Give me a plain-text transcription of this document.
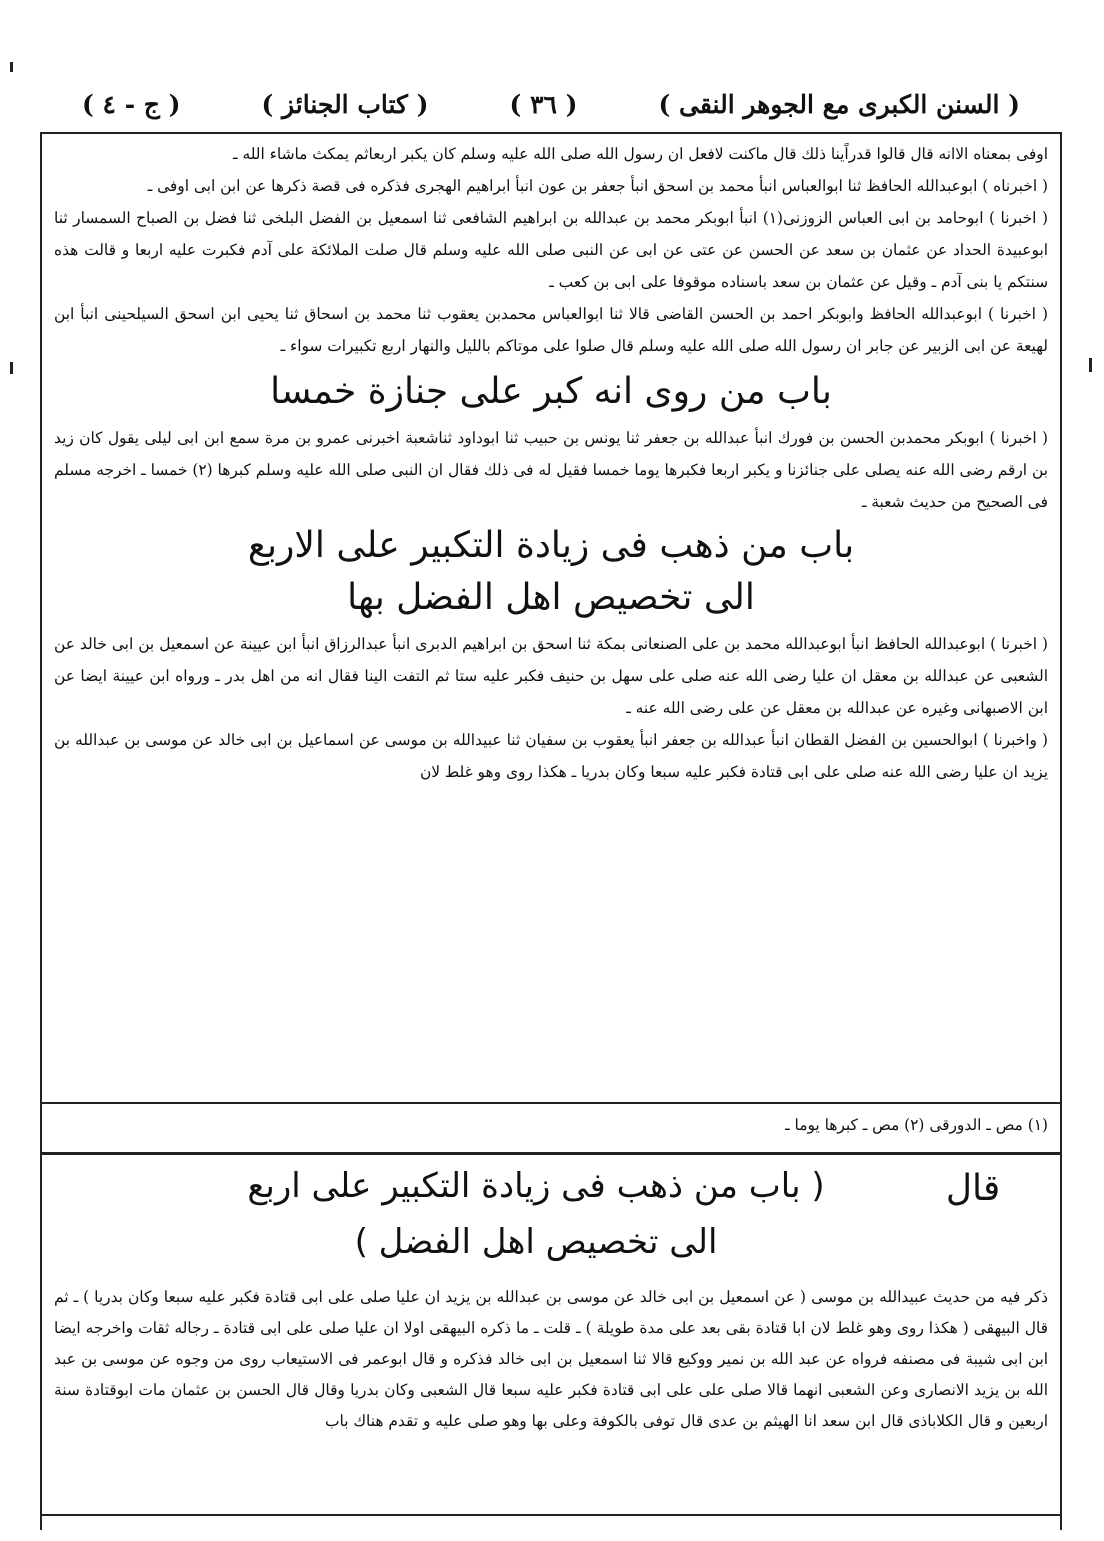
( السنن الكبرى مع الجوهر النقى )
( ٣٦ )
( كتاب الجنائز )
( ج - ٤ )

اوفى بمعناه الاانه قال قالوا قدراًينا ذلك قال ماكنت لافعل ان رسول الله صلى الله عليه وسلم كان يكبر اربعاثم يمكث ماشاء الله ـ

( اخبرناه ) ابوعبدالله الحافظ ثنا ابوالعباس انبأ محمد بن اسحق انبأ جعفر بن عون انبأ ابراهيم الهجرى فذكره فى قصة ذكرها عن ابن ابى اوفى ـ

( اخبرنا ) ابوحامد بن ابى العباس الزوزنى(١) انبأ ابوبكر محمد بن عبدالله بن ابراهيم الشافعى ثنا اسمعيل بن الفضل البلخى ثنا فضل بن الصباح السمسار ثنا ابوعبيدة الحداد عن عثمان بن سعد عن الحسن عن عتى عن ابى عن النبى صلى الله عليه وسلم قال صلت الملائكة على آدم فكبرت عليه اربعا و قالت هذه سنتكم يا بنى آدم ـ وقيل عن عثمان بن سعد باسناده موقوفا على ابى بن كعب ـ

( اخبرنا ) ابوعبدالله الحافظ وابوبكر احمد بن الحسن القاضى قالا ثنا ابوالعباس محمدبن يعقوب ثنا محمد بن اسحاق ثنا يحيى ابن اسحق السيلحينى انبأ ابن لهيعة عن ابى الزبير عن جابر ان رسول الله صلى الله عليه وسلم قال صلوا على موتاكم بالليل والنهار اربع تكبيرات سواء ـ

باب من روى انه كبر على جنازة خمسا

( اخبرنا ) ابوبكر محمدبن الحسن بن فورك انبأ عبدالله بن جعفر ثنا يونس بن حبيب ثنا ابوداود ثناشعبة اخبرنى عمرو بن مرة سمع ابن ابى ليلى يقول كان زيد بن ارقم رضى الله عنه يصلى على جنائزنا و يكبر اربعا فكبرها يوما خمسا فقيل له فى ذلك فقال ان النبى صلى الله عليه وسلم كبرها (٢) خمسا ـ اخرجه مسلم فى الصحيح من حديث شعبة ـ

باب من ذهب فى زيادة التكبير على الاربع
الى تخصيص اهل الفضل بها

( اخبرنا ) ابوعبدالله الحافظ انبأ ابوعبدالله محمد بن على الصنعانى بمكة ثنا اسحق بن ابراهيم الدبرى انبأ عبدالرزاق انبأ ابن عيينة عن اسمعيل بن ابى خالد عن الشعبى عن عبدالله بن معقل ان عليا رضى الله عنه صلى على سهل بن حنيف فكبر عليه ستا ثم التفت الينا فقال انه من اهل بدر ـ ورواه ابن عيينة ايضا عن ابن الاصبهانى وغيره عن عبدالله بن معقل عن على رضى الله عنه ـ

( واخبرنا ) ابوالحسين بن الفضل القطان انبأ عبدالله بن جعفر انبأ يعقوب بن سفيان ثنا عبيدالله بن موسى عن اسماعيل بن ابى خالد عن موسى بن عبدالله بن يزيد ان عليا رضى الله عنه صلى على ابى قتادة فكبر عليه سبعا وكان بدريا ـ هكذا روى وهو غلط لان

(١) مص ـ الدورقى (٢) مص ـ كبرها يوما ـ
قال
( باب من ذهب فى زيادة التكبير على اربع
الى تخصيص اهل الفضل )
ذكر فيه من حديث عبيدالله بن موسى ( عن اسمعيل بن ابى خالد عن موسى بن عبدالله بن يزيد ان عليا صلى على ابى قتادة فكبر عليه سبعا وكان بدريا ) ـ ثم قال البيهقى ( هكذا روى وهو غلط لان ابا قتادة بقى بعد على مدة طويلة ) ـ قلت ـ ما ذكره البيهقى اولا ان عليا صلى على ابى قتادة ـ رجاله ثقات واخرجه ايضا ابن ابى شيبة فى مصنفه فرواه عن عبد الله بن نمير ووكيع قالا ثنا اسمعيل بن ابى خالد فذكره و قال ابوعمر فى الاستيعاب روى من وجوه عن موسى بن عبد الله بن يزيد الانصارى وعن الشعبى انهما قالا صلى على على ابى قتادة فكبر عليه سبعا قال الشعبى وكان بدريا وقال قال الحسن بن عثمان مات ابوقتادة سنة اربعين و قال الكلاباذى قال ابن سعد انا الهيثم بن عدى قال توفى بالكوفة وعلى بها وهو صلى عليه و تقدم هناك باب
